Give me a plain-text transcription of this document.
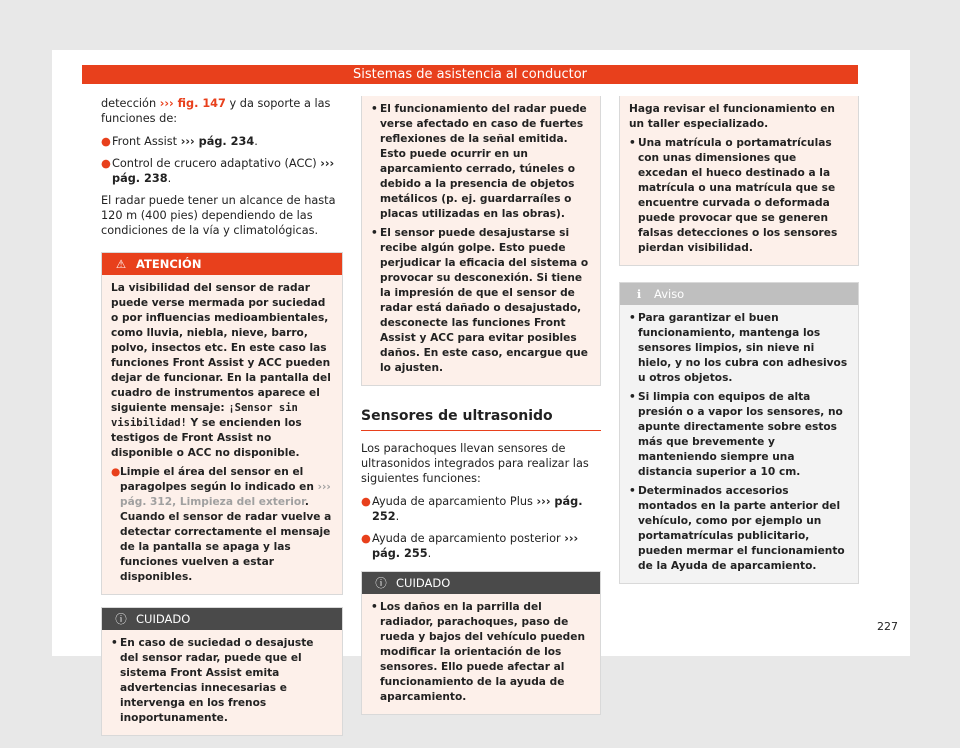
Sistemas de asistencia al conductor

detección ››› fig. 147 y da soporte a las funciones de:

● Front Assist ››› pág. 234.

● Control de crucero adaptativo (ACC) ››› pág. 238.

El radar puede tener un alcance de hasta 120 m (400 pies) dependiendo de las condiciones de la vía y climatológicas.

⚠ ATENCIÓN
La visibilidad del sensor de radar puede verse mermada por suciedad o por influencias medioambientales, como lluvia, niebla, nieve, barro, polvo, insectos etc. En este caso las funciones Front Assist y ACC pueden dejar de funcionar. En la pantalla del cuadro de instrumentos aparece el siguiente mensaje: ¡Sensor sin visibilidad! Y se encienden los testigos de Front Assist no disponible o ACC no disponible.
● Limpie el área del sensor en el paragolpes según lo indicado en ››› pág. 312, Limpieza del exterior. Cuando el sensor de radar vuelve a detectar correctamente el mensaje de la pantalla se apaga y las funciones vuelven a estar disponibles.
ⓘ CUIDADO
• En caso de suciedad o desajuste del sensor radar, puede que el sistema Front Assist emita advertencias innecesarias e intervenga en los frenos inoportunamente.
• El funcionamiento del radar puede verse afectado en caso de fuertes reflexiones de la señal emitida. Esto puede ocurrir en un aparcamiento cerrado, túneles o debido a la presencia de objetos metálicos (p. ej. guardarraíles o placas utilizadas en las obras).
• El sensor puede desajustarse si recibe algún golpe. Esto puede perjudicar la eficacia del sistema o provocar su desconexión. Si tiene la impresión de que el sensor de radar está dañado o desajustado, desconecte las funciones Front Assist y ACC para evitar posibles daños. En este caso, encargue que lo ajusten.
Sensores de ultrasonido

Los parachoques llevan sensores de ultrasonidos integrados para realizar las siguientes funciones:

● Ayuda de aparcamiento Plus ››› pág. 252.

● Ayuda de aparcamiento posterior ››› pág. 255.

ⓘ CUIDADO
• Los daños en la parrilla del radiador, parachoques, paso de rueda y bajos del vehículo pueden modificar la orientación de los sensores. Ello puede afectar al funcionamiento de la ayuda de aparcamiento.
Haga revisar el funcionamiento en un taller especializado.
• Una matrícula o portamatrículas con unas dimensiones que excedan el hueco destinado a la matrícula o una matrícula que se encuentre curvada o deformada puede provocar que se generen falsas detecciones o los sensores pierdan visibilidad.
ℹ Aviso
• Para garantizar el buen funcionamiento, mantenga los sensores limpios, sin nieve ni hielo, y no los cubra con adhesivos u otros objetos.
• Si limpia con equipos de alta presión o a vapor los sensores, no apunte directamente sobre estos más que brevemente y manteniendo siempre una distancia superior a 10 cm.
• Determinados accesorios montados en la parte anterior del vehículo, como por ejemplo un portamatrículas publicitario, pueden mermar el funcionamiento de la Ayuda de aparcamiento.
227
